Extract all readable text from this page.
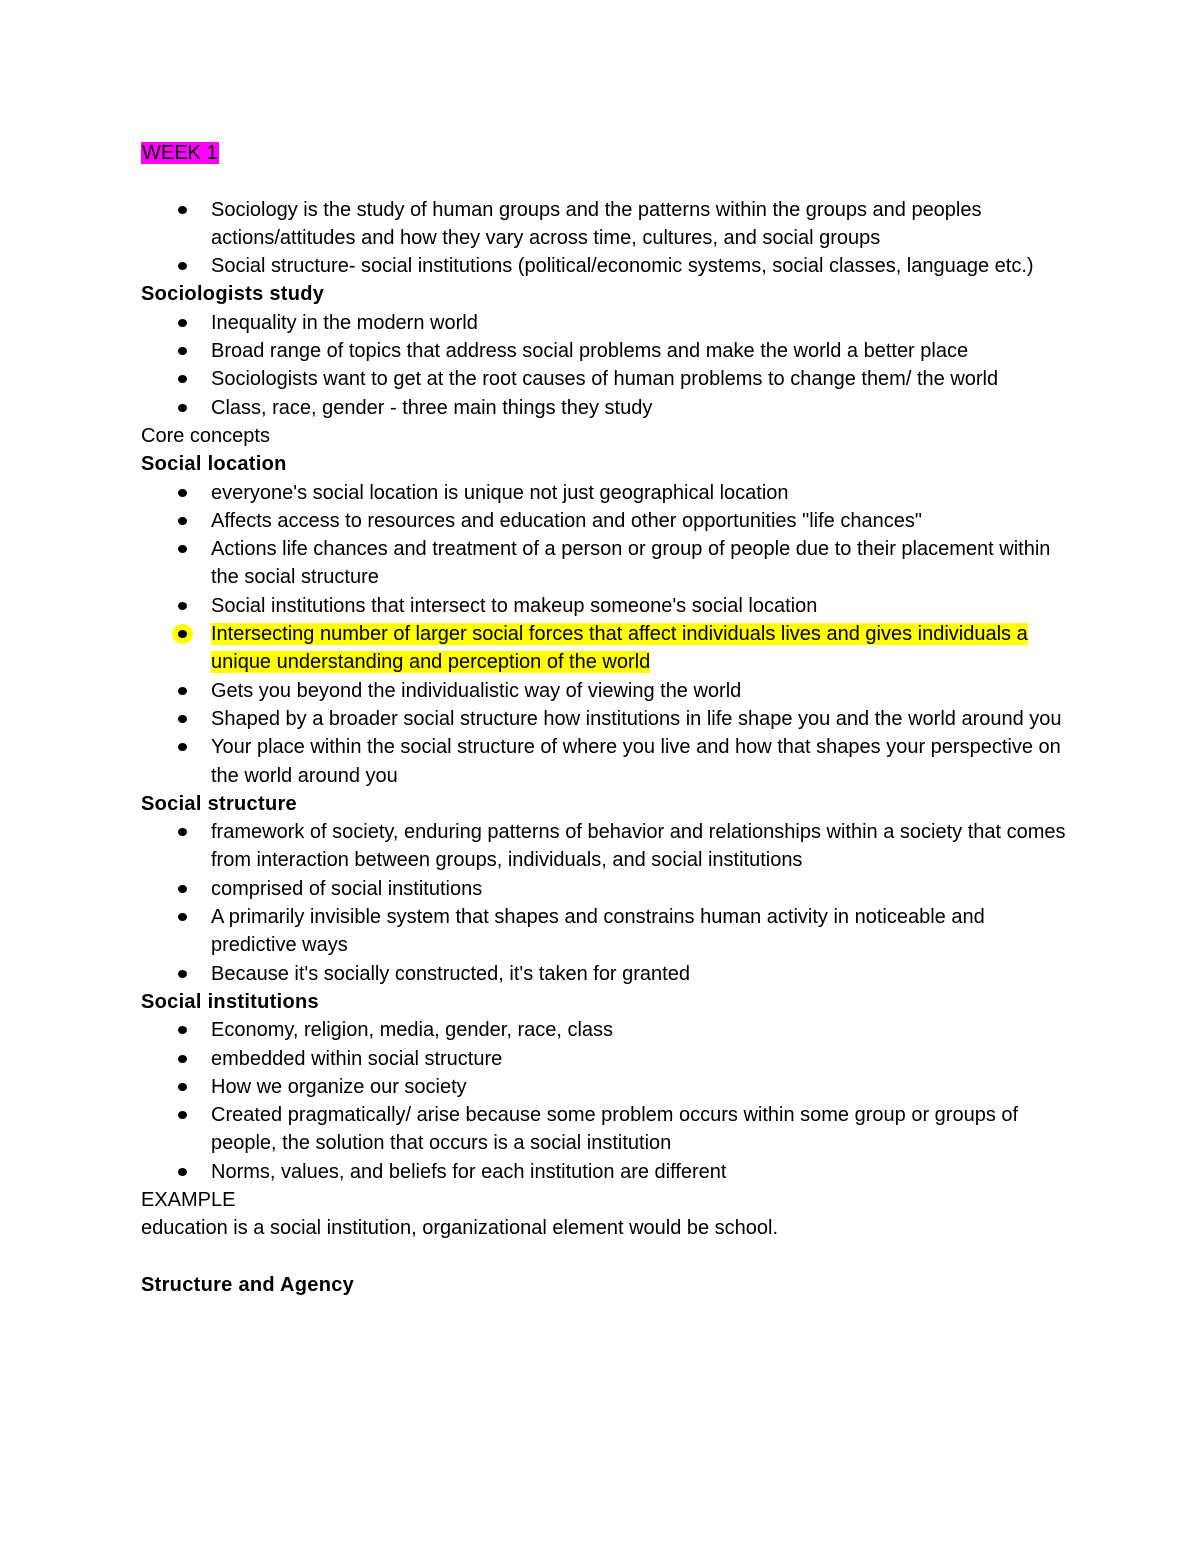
WEEK 1

Sociology is the study of human groups and the patterns within the groups and peoples actions/attitudes and how they vary across time, cultures, and social groups
Social structure- social institutions (political/economic systems, social classes, language etc.)

Sociologists study

Inequality in the modern world
Broad range of topics that address social problems and make the world a better place
Sociologists want to get at the root causes of human problems to change them/ the world
Class, race, gender - three main things they study

Core concepts

Social location

everyone's social location is unique not just geographical location
Affects access to resources and education and other opportunities "life chances"
Actions life chances and treatment of a person or group of people due to their placement within the social structure
Social institutions that intersect to makeup someone's social location
Intersecting number of larger social forces that affect individuals lives and gives individuals a unique understanding and perception of the world
Gets you beyond the individualistic way of viewing the world
Shaped by a broader social structure how institutions in life shape you and the world around you
Your place within the social structure of where you live and how that shapes your perspective on the world around you

Social structure

framework of society, enduring patterns of behavior and relationships within a society that comes from interaction between groups, individuals, and social institutions
comprised of social institutions
A primarily invisible system that shapes and constrains human activity in noticeable and predictive ways
Because it's socially constructed, it's taken for granted

Social institutions

Economy, religion, media, gender, race, class
embedded within social structure
How we organize our society
Created pragmatically/ arise because some problem occurs within some group or groups of people, the solution that occurs is a social institution
Norms, values, and beliefs for each institution are different

EXAMPLE

education is a social institution, organizational element would be school.

Structure and Agency
